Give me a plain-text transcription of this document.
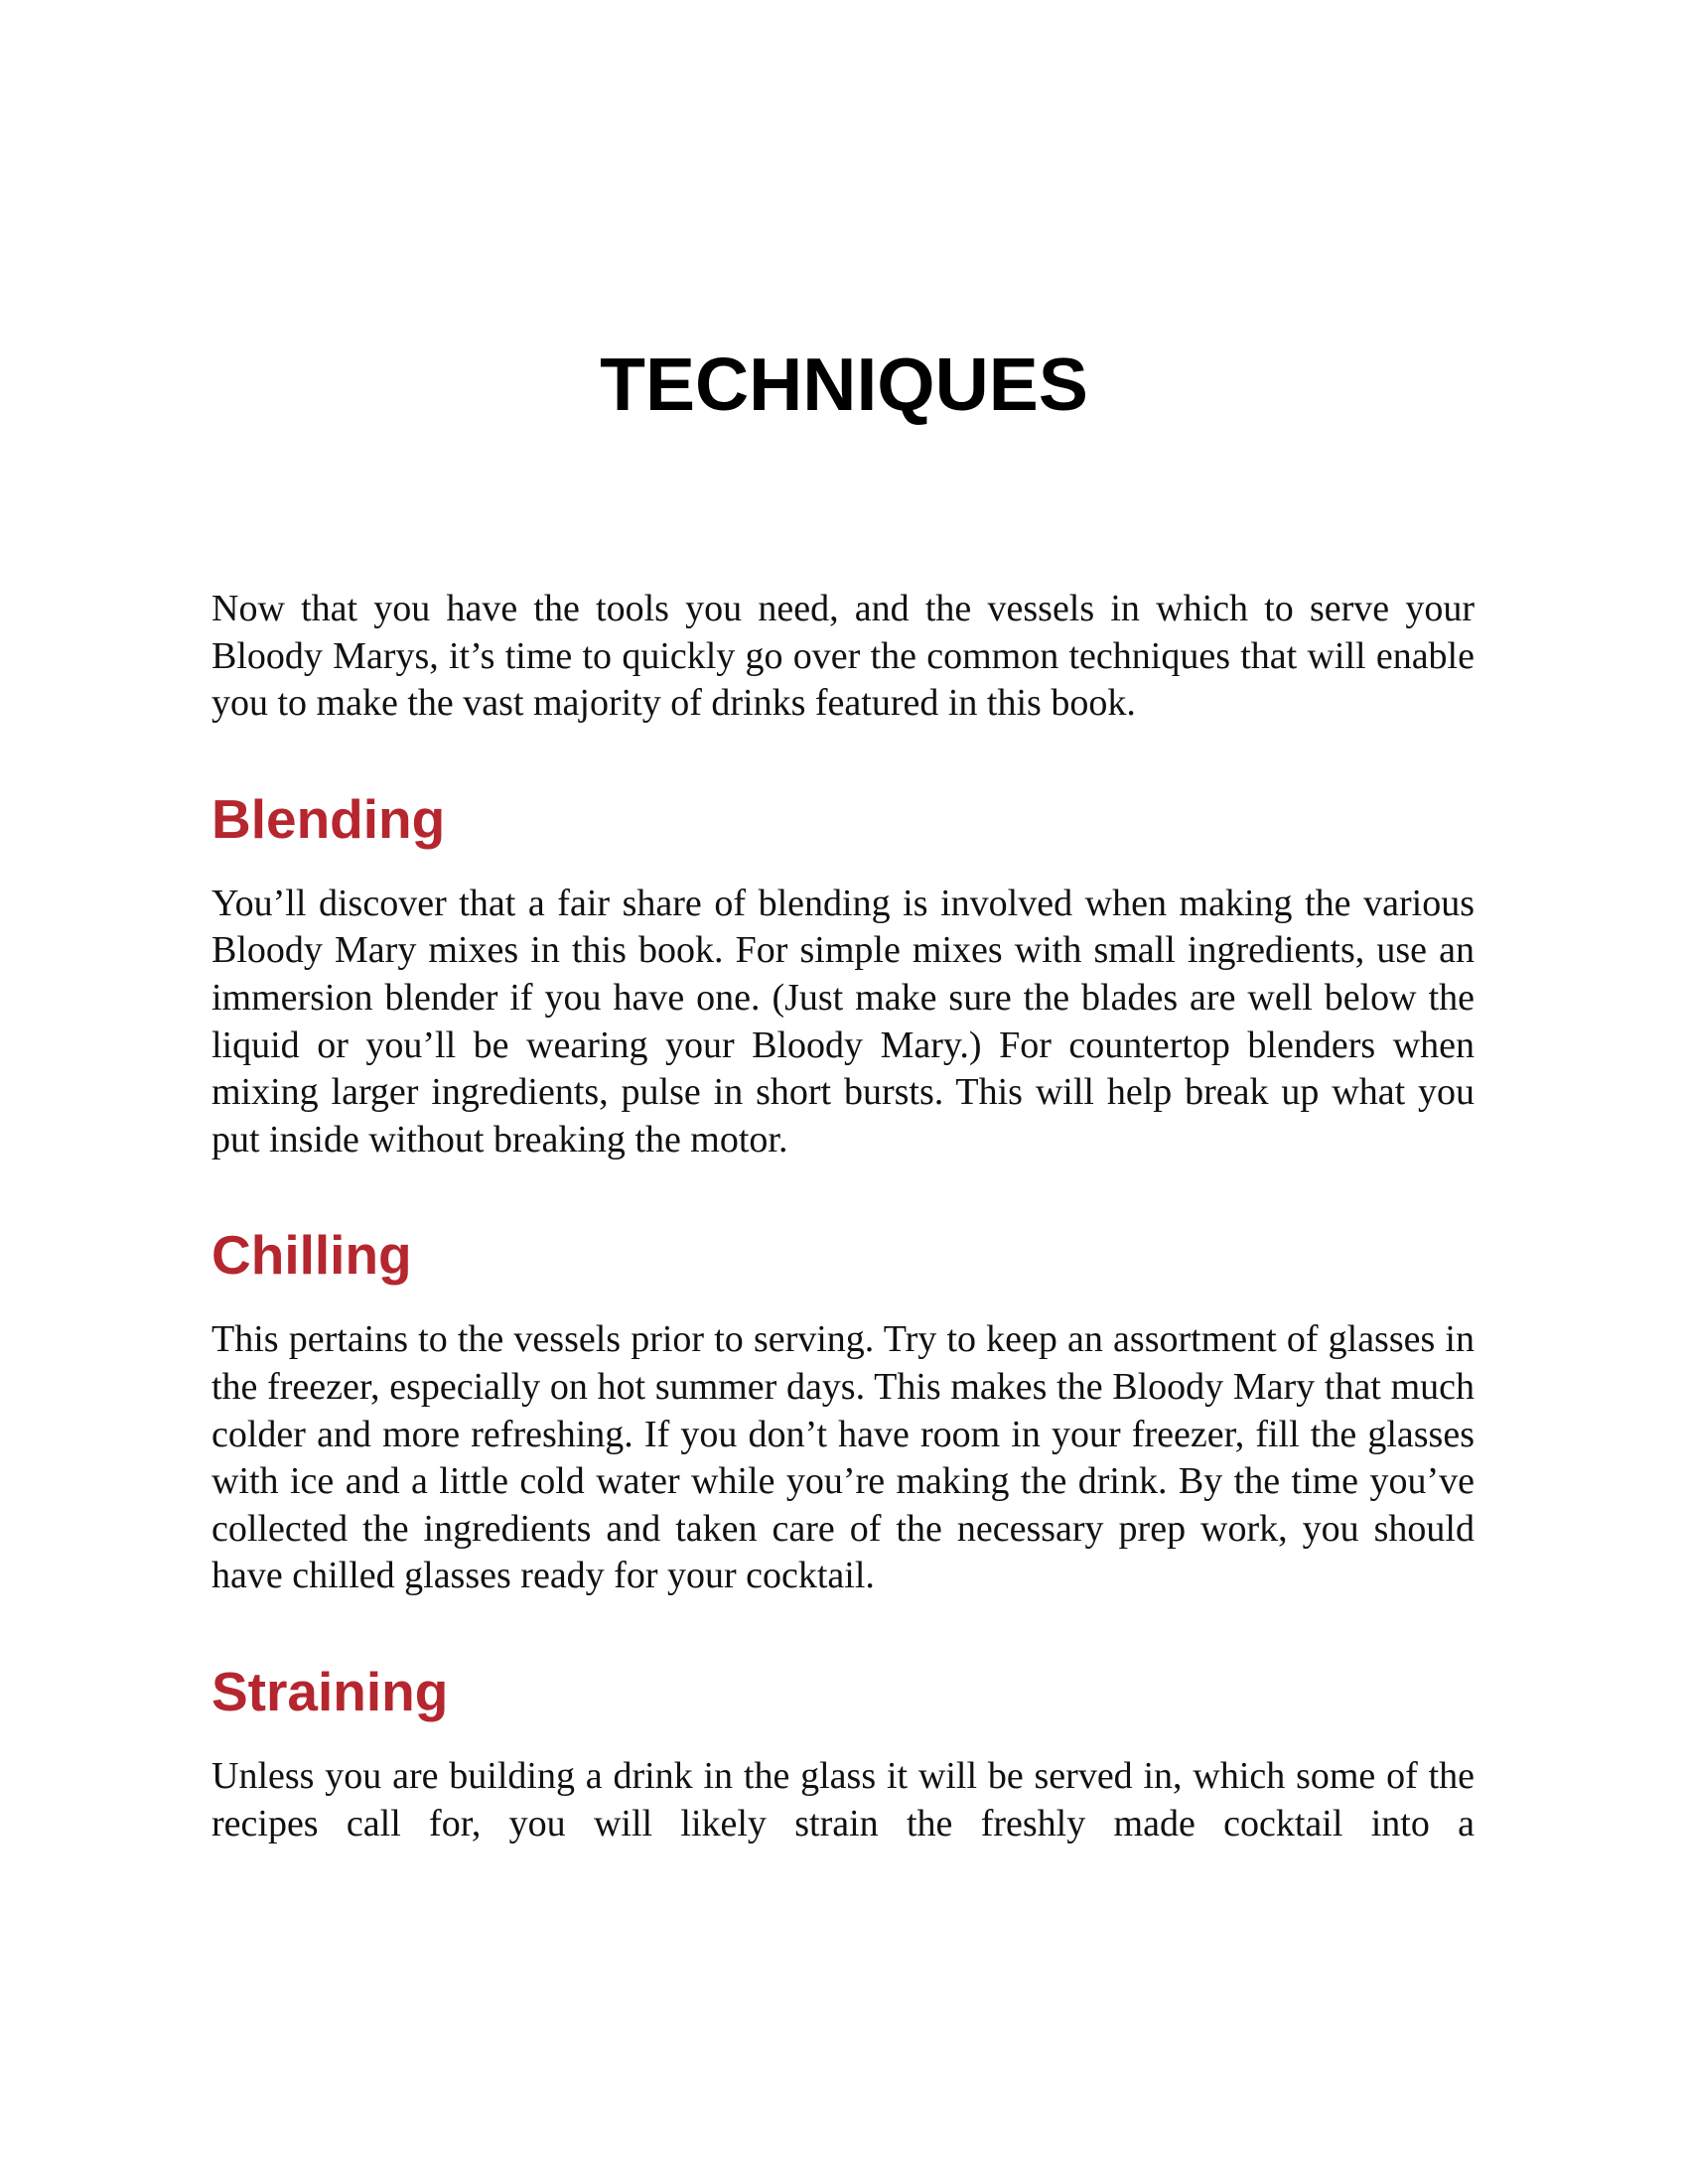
TECHNIQUES

Now that you have the tools you need, and the vessels in which to serve your Bloody Marys, it’s time to quickly go over the common techniques that will enable you to make the vast majority of drinks featured in this book.

Blending

You’ll discover that a fair share of blending is involved when making the various Bloody Mary mixes in this book. For simple mixes with small ingredients, use an immersion blender if you have one. (Just make sure the blades are well below the liquid or you’ll be wearing your Bloody Mary.) For countertop blenders when mixing larger ingredients, pulse in short bursts. This will help break up what you put inside without breaking the motor.

Chilling

This pertains to the vessels prior to serving. Try to keep an assortment of glasses in the freezer, especially on hot summer days. This makes the Bloody Mary that much colder and more refreshing. If you don’t have room in your freezer, fill the glasses with ice and a little cold water while you’re making the drink. By the time you’ve collected the ingredients and taken care of the necessary prep work, you should have chilled glasses ready for your cocktail.

Straining

Unless you are building a drink in the glass it will be served in, which some of the recipes call for, you will likely strain the freshly made cocktail into a
